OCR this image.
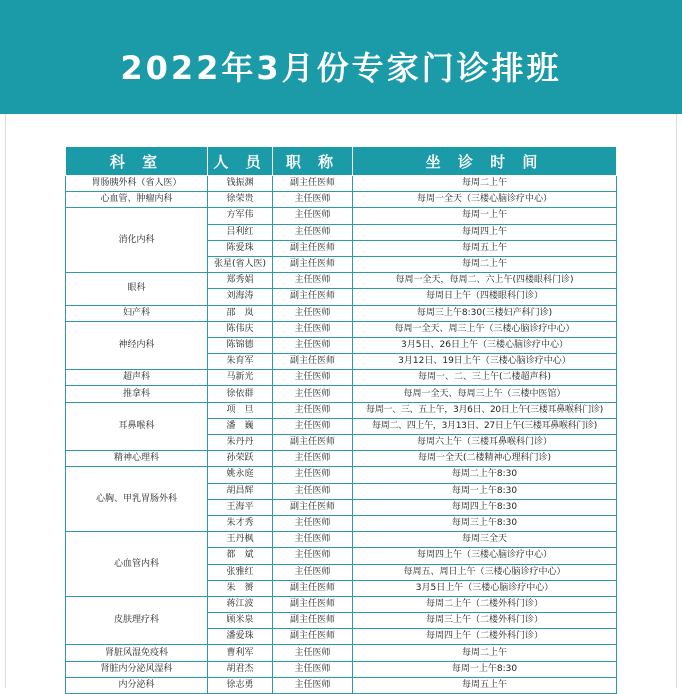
2022年3月份专家门诊排班
科 室	人 员	职 称	坐 诊 时 间
胃肠胰外科（省人医）	钱振渊	副主任医师	每周二上午
心血管、肿瘤内科	徐荣贵	主任医师	每周一全天（三楼心脑诊疗中心）
消化内科	方军伟	主任医师	每周一上午
	吕利红	主任医师	每周四上午
	陈爱珠	副主任医师	每周五上午
	张星(省人医)	副主任医师	每周二上午
眼科	郑秀娟	主任医师	每周一全天，每周二、六上午(四楼眼科门诊)
	刘海涛	副主任医师	每周日上午（四楼眼科门诊）
妇产科	邵　岚	主任医师	每周三上午8:30(三楼妇产科门诊)
神经内科	陈伟庆	主任医师	每周一全天、周三上午（三楼心脑诊疗中心）
	陈锦德	主任医师	3月5日、26日上午（三楼心脑诊疗中心）
	朱育军	副主任医师	3月12日、19日上午（三楼心脑诊疗中心）
超声科	马新光	主任医师	每周一、二、三上午(二楼超声科)
推拿科	徐依群	主任医师	每周一全天、每周三上午（三楼中医馆）
耳鼻喉科	项　旦	主任医师	每周一、三、五上午，3月6日、20日上午(三楼耳鼻喉科门诊)
	潘　巍	主任医师	每周二、四上午，3月13日、27日上午(三楼耳鼻喉科门诊)
	朱丹丹	副主任医师	每周六上午（三楼耳鼻喉科门诊）
精神心理科	孙荣跃	主任医师	每周一全天(二楼精神心理科门诊)
心胸、甲乳胃肠外科	姚永庭	主任医师	每周二上午8:30
	胡昌辉	主任医师	每周一上午8:30
	王海平	副主任医师	每周四上午8:30
	朱才秀	主任医师	每周三上午8:30
心血管内科	王丹枫	主任医师	每周三全天
	都　斌	主任医师	每周四上午（三楼心脑诊疗中心）
	张雅红	主任医师	每周五、周日上午（三楼心脑诊疗中心）
	朱　赟	副主任医师	3月5日上午（三楼心脑诊疗中心）
皮肤理疗科	蒋江波	副主任医师	每周二上午（二楼外科门诊）
	顾米泉	副主任医师	每周三上午（二楼外科门诊）
	潘爱珠	副主任医师	每周四上午（二楼外科门诊）
肾脏风湿免疫科	曹利军	主任医师	每周二上午
肾脏内分泌风湿科	胡君杰	主任医师	每周一上午8:30
内分泌科	徐志勇	主任医师	每周五上午
